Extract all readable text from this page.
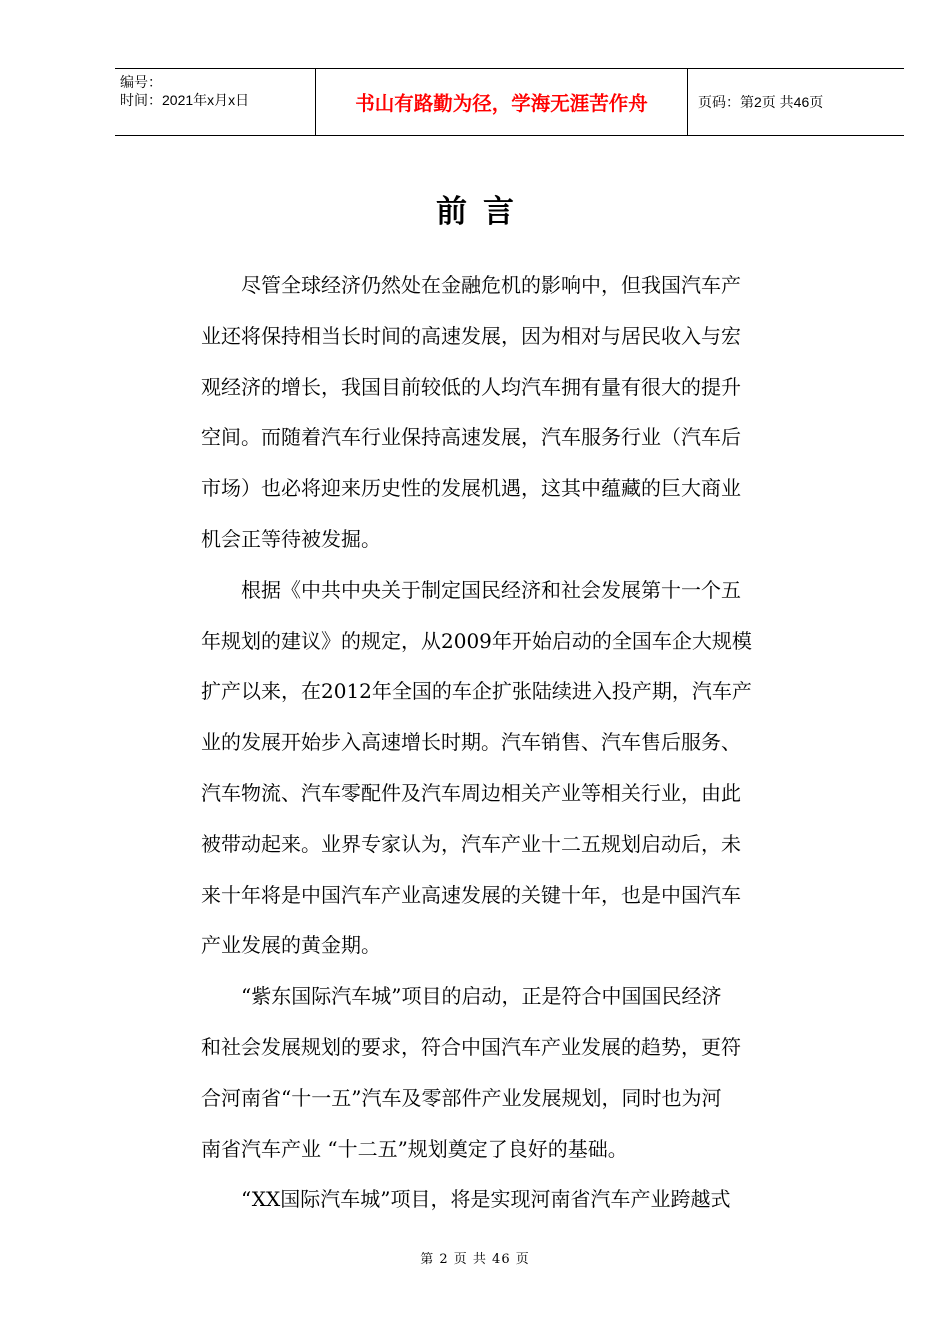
编号：
时间：2021年x月x日	书山有路勤为径，学海无涯苦作舟	页码：第2页 共46页
前言
尽管全球经济仍然处在金融危机的影响中，但我国汽车产
业还将保持相当长时间的高速发展，因为相对与居民收入与宏
观经济的增长，我国目前较低的人均汽车拥有量有很大的提升
空间。而随着汽车行业保持高速发展，汽车服务行业（汽车后
市场）也必将迎来历史性的发展机遇，这其中蕴藏的巨大商业
机会正等待被发掘。
根据《中共中央关于制定国民经济和社会发展第十一个五
年规划的建议》的规定，从2009年开始启动的全国车企大规模
扩产以来，在2012年全国的车企扩张陆续进入投产期，汽车产
业的发展开始步入高速增长时期。汽车销售、汽车售后服务、
汽车物流、汽车零配件及汽车周边相关产业等相关行业，由此
被带动起来。业界专家认为，汽车产业十二五规划启动后，未
来十年将是中国汽车产业高速发展的关键十年，也是中国汽车
产业发展的黄金期。
“紫东国际汽车城”项目的启动，正是符合中国国民经济
和社会发展规划的要求，符合中国汽车产业发展的趋势，更符
合河南省“十一五”汽车及零部件产业发展规划，同时也为河
南省汽车产业 “十二五”规划奠定了良好的基础。
“XX国际汽车城”项目，将是实现河南省汽车产业跨越式
第 2 页 共 46 页
